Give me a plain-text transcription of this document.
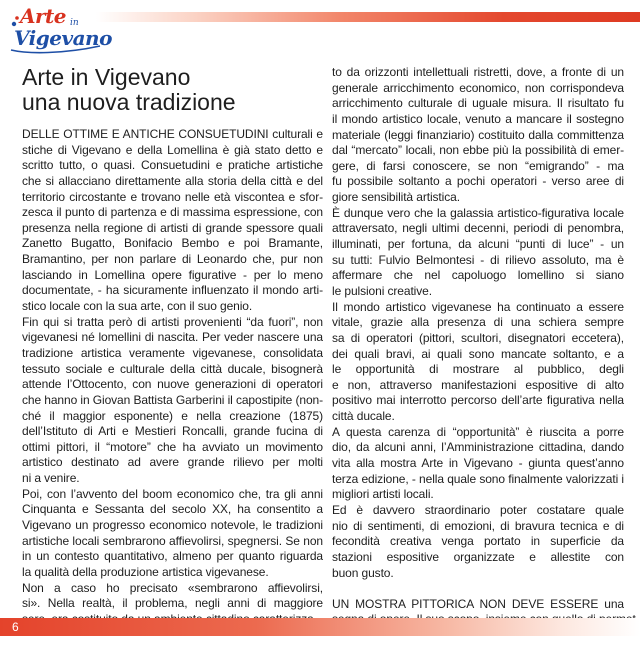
Arte in
Vigevano
Arte in Vigevano
una nuova tradizione
DELLE OTTIME E ANTICHE CONSUETUDINI culturali e
stiche di Vigevano e della Lomellina è già stato detto e
scritto tutto, o quasi. Consuetudini e pratiche artistiche
che si allacciano direttamente alla storia della città e del
territorio circostante e trovano nelle età viscontea e sfor-
zesca il punto di partenza e di massima espressione, con
presenza nella regione di artisti di grande spessore quali
Zanetto Bugatto, Bonifacio Bembo e poi Bramante,
Bramantino, per non parlare di Leonardo che, pur non
lasciando in Lomellina opere figurative - per lo meno
documentate, - ha sicuramente influenzato il mondo arti-
stico locale con la sua arte, con il suo genio.
Fin qui si tratta però di artisti provenienti “da fuori”, non
vigevanesi né lomellini di nascita. Per veder nascere una
tradizione artistica veramente vigevanese, consolidata
tessuto sociale e culturale della città ducale, bisognerà
attende l’Ottocento, con nuove generazioni di operatori
che hanno in Giovan Battista Garberini il capostipite (non-
ché il maggior esponente) e nella creazione (1875)
dell’Istituto di Arti e Mestieri Roncalli, grande fucina di
ottimi pittori, il “motore” che ha avviato un movimento
artistico destinato ad avere grande rilievo per molti
ni a venire.
Poi, con l’avvento del boom economico che, tra gli anni
Cinquanta e Sessanta del secolo XX, ha consentito a
Vigevano un progresso economico notevole, le tradizioni
artistiche locali sembrarono affievolirsi, spegnersi. Se non
in un contesto quantitativo, almeno per quanto riguarda
la qualità della produzione artistica vigevanese.
Non a caso ho precisato «sembrarono affievolirsi,
si». Nella realtà, il problema, negli anni di maggiore
to da orizzonti intellettuali ristretti, dove, a fronte di un
generale arricchimento economico, non corrispondeva
arricchimento culturale di uguale misura. Il risultato fu
il mondo artistico locale, venuto a mancare il sostegno
materiale (leggi finanziario) costituito dalla committenza
dal “mercato” locali, non ebbe più la possibilità di emer-
gere, di farsi conoscere, se non “emigrando” - ma
fu possibile soltanto a pochi operatori - verso aree di
giore sensibilità artistica.
È dunque vero che la galassia artistico-figurativa locale
attraversato, negli ultimi decenni, periodi di penombra,
illuminati, per fortuna, da alcuni “punti di luce” - un
su tutti: Fulvio Belmontesi - di rilievo assoluto, ma è
affermare che nel capoluogo lomellino si siano
le pulsioni creative.
Il mondo artistico vigevanese ha continuato a essere
vitale, grazie alla presenza di una schiera sempre
sa di operatori (pittori, scultori, disegnatori eccetera),
dei quali bravi, ai quali sono mancate soltanto, e a
le opportunità di mostrare al pubblico, degli
e non, attraverso manifestazioni espositive di alto
positivo mai interrotto percorso dell’arte figurativa nella
città ducale.
A questa carenza di “opportunità” è riuscita a porre
dio, da alcuni anni, l’Amministrazione cittadina, dando
vita alla mostra Arte in Vigevano - giunta quest’anno
terza edizione, - nella quale sono finalmente valorizzati i
migliori artisti locali.
Ed è davvero straordinario poter costatare quale
nio di sentimenti, di emozioni, di bravura tecnica e di
fecondità creativa venga portato in superficie da
stazioni espositive organizzate e allestite con
buon gusto.
UN MOSTRA PITTORICA NON DEVE ESSERE una
6
